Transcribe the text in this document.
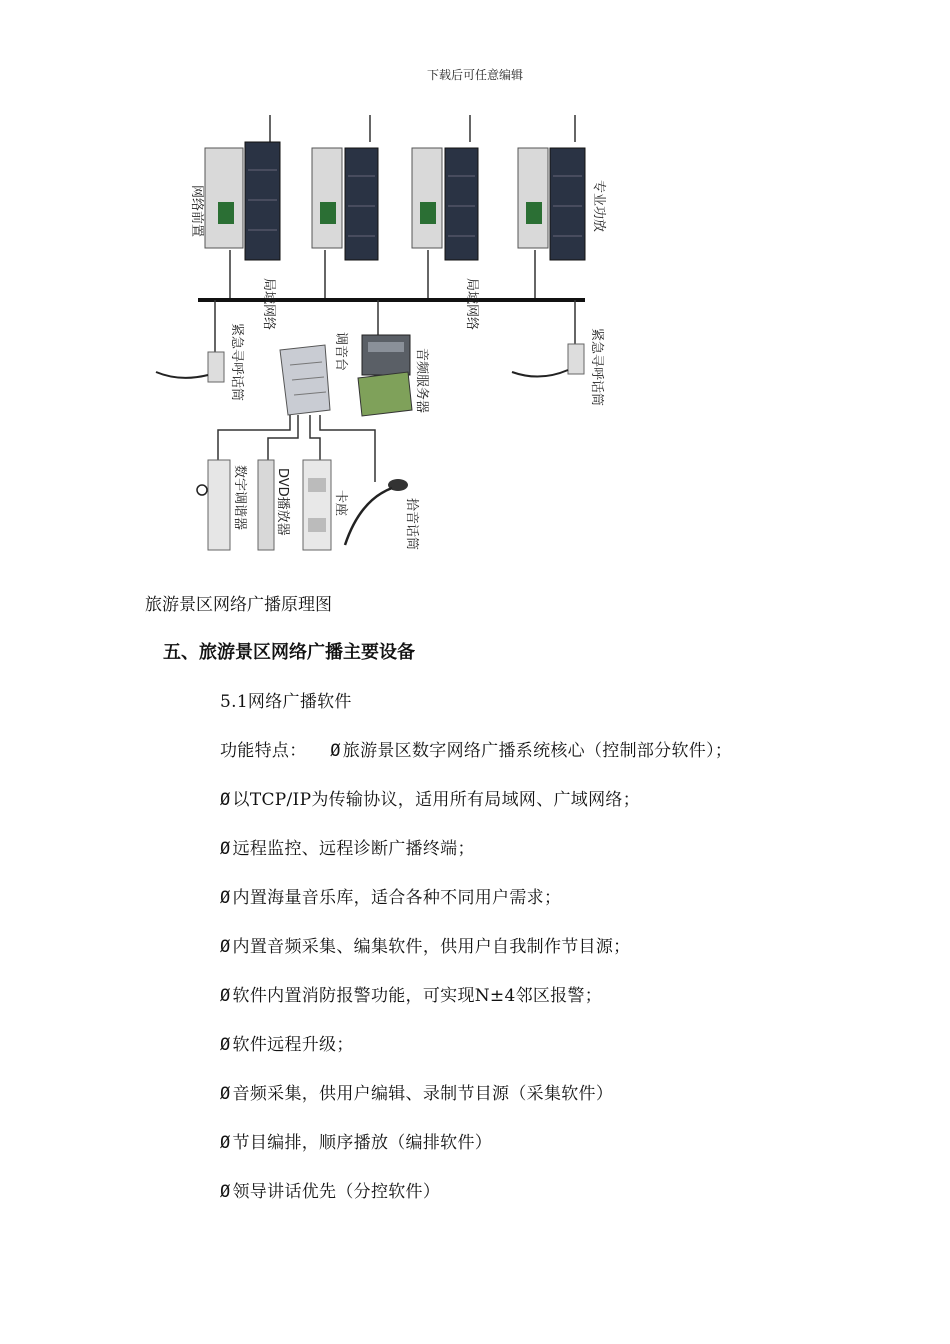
下载后可任意编辑
网络前置	专业功放
局域网络	局域网络
紧急寻呼话筒	紧急寻呼话筒
调音台	音频服务器
数字调谐器 DVD播放器	卡座	拾音话筒
旅游景区网络广播原理图
五、旅游景区网络广播主要设备
5.1网络广播软件
功能特点： Ø 旅游景区数字网络广播系统核心（控制部分软件）；
Ø 以TCP/IP为传输协议，适用所有局域网、广域网络；
Ø 远程监控、远程诊断广播终端；
Ø 内置海量音乐库，适合各种不同用户需求；
Ø 内置音频采集、编集软件，供用户自我制作节目源；
Ø 软件内置消防报警功能，可实现N±4邻区报警；
Ø 软件远程升级；
Ø 音频采集，供用户编辑、录制节目源（采集软件）
Ø 节目编排，顺序播放（编排软件）
Ø 领导讲话优先（分控软件）
